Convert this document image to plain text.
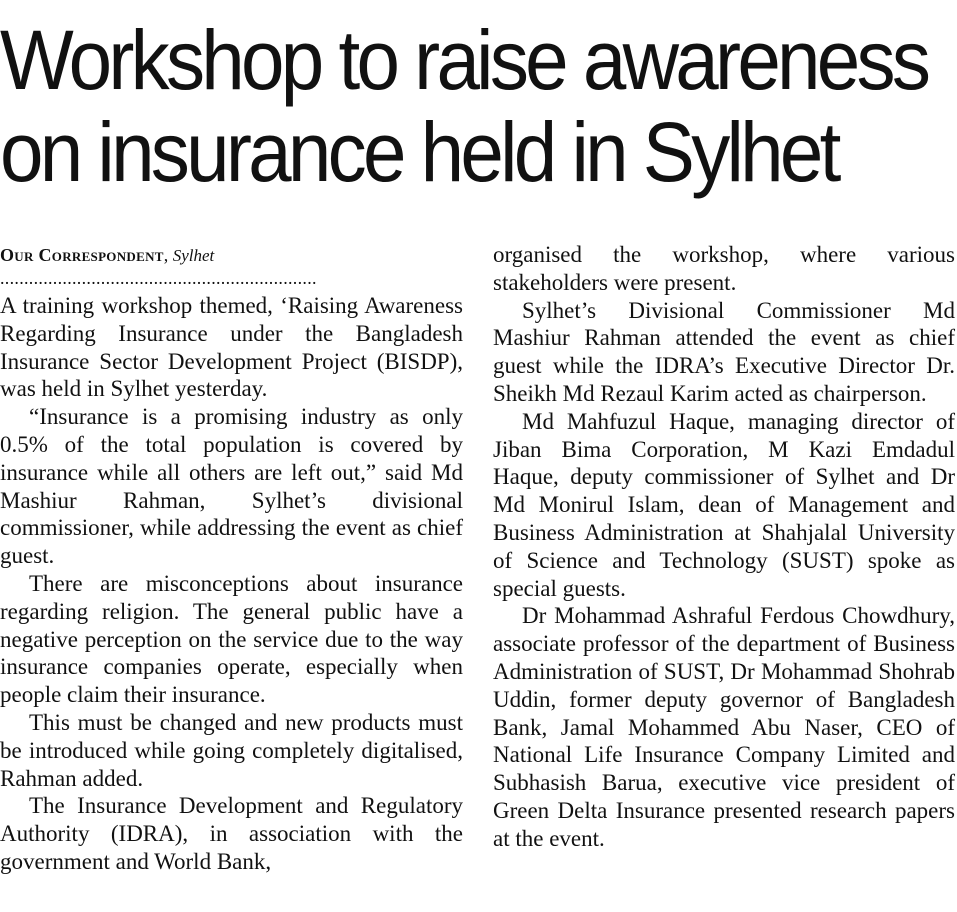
Workshop to raise awareness
on insurance held in Sylhet
Our Correspondent, Sylhet
..................................................................

A training workshop themed, ‘Raising Awareness Regarding Insurance under the Bangladesh Insurance Sector Development Project (BISDP), was held in Sylhet yesterday.

“Insurance is a promising industry as only 0.5% of the total population is covered by insurance while all others are left out,” said Md Mashiur Rahman, Sylhet’s divisional commissioner, while addressing the event as chief guest.

There are misconceptions about insurance regarding religion. The general public have a negative perception on the service due to the way insurance companies operate, especially when people claim their insurance.

This must be changed and new products must be introduced while going completely digitalised, Rahman added.

The Insurance Development and Regulatory Authority (IDRA), in association with the government and World Bank,

organised the workshop, where various stakeholders were present.

Sylhet’s Divisional Commissioner Md Mashiur Rahman attended the event as chief guest while the IDRA’s Executive Director Dr. Sheikh Md Rezaul Karim acted as chairperson.

Md Mahfuzul Haque, managing director of Jiban Bima Corporation, M Kazi Emdadul Haque, deputy commissioner of Sylhet and Dr Md Monirul Islam, dean of Management and Business Administration at Shahjalal University of Science and Technology (SUST) spoke as special guests.

Dr Mohammad Ashraful Ferdous Chowdhury, associate professor of the department of Business Administration of SUST, Dr Mohammad Shohrab Uddin, former deputy governor of Bangladesh Bank, Jamal Mohammed Abu Naser, CEO of National Life Insurance Company Limited and Subhasish Barua, executive vice president of Green Delta Insurance presented research papers at the event.
